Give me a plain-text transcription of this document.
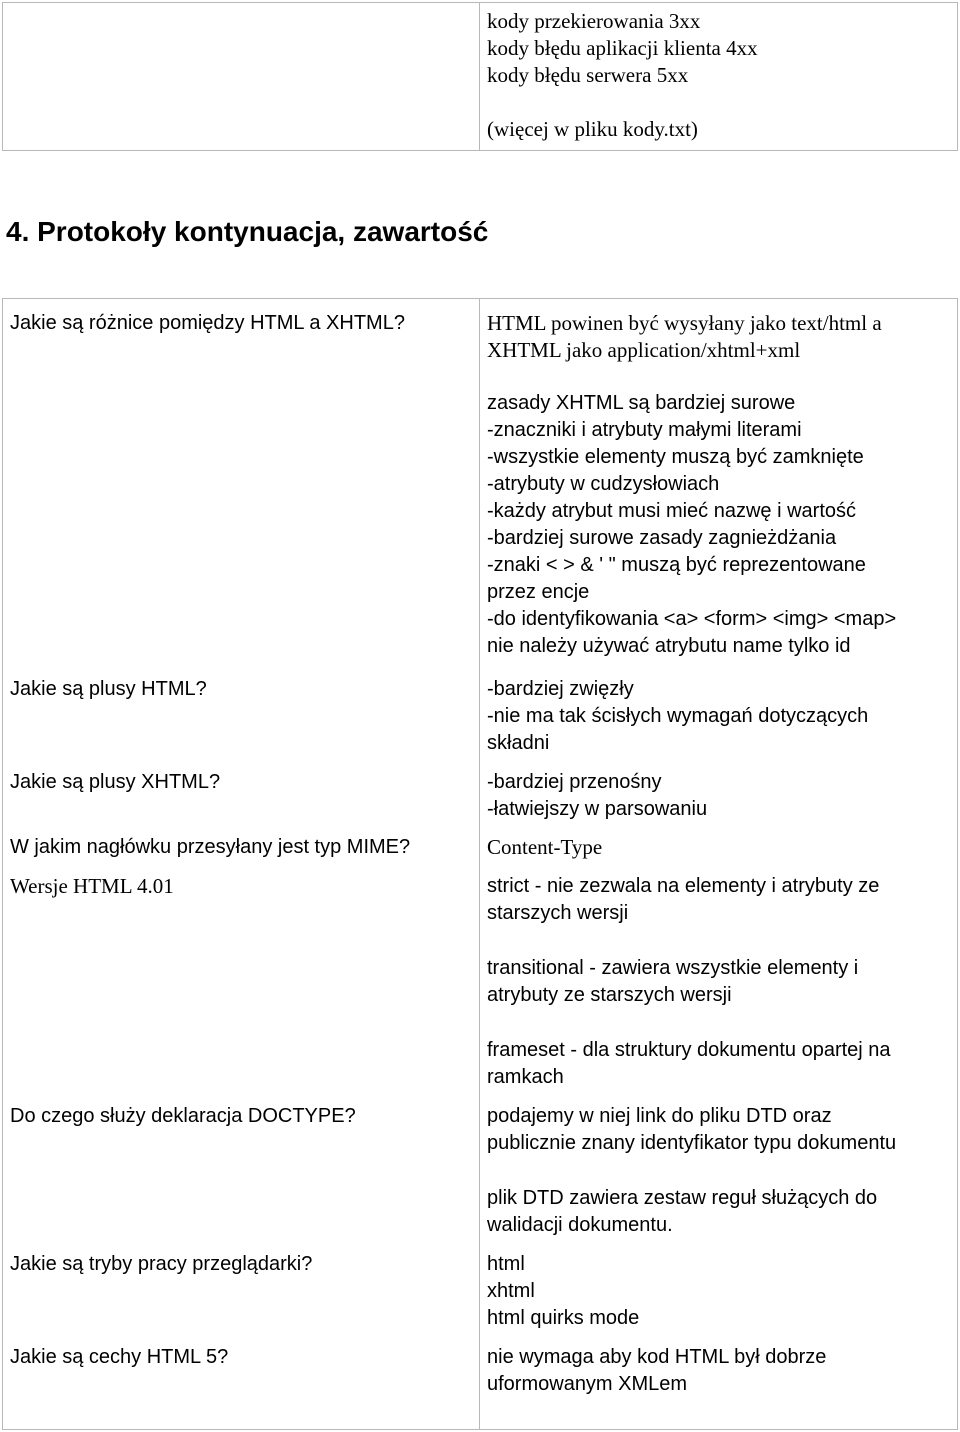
kody przekierowania 3xx
kody błędu aplikacji klienta 4xx
kody błędu serwera 5xx
(więcej w pliku kody.txt)
4. Protokoły kontynuacja, zawartość
Jakie są różnice pomiędzy HTML a XHTML?	HTML powinen być wysyłany jako text/html a
XHTML jako application/xhtml+xml
zasady XHTML są bardziej surowe
-znaczniki i atrybuty małymi literami
-wszystkie elementy muszą być zamknięte
-atrybuty w cudzysłowiach
-każdy atrybut musi mieć nazwę i wartość
-bardziej surowe zasady zagnieżdżania
-znaki < > & ' " muszą być reprezentowane
przez encje
-do identyfikowania <a> <form> <img> <map>
nie należy używać atrybutu name tylko id
Jakie są plusy HTML?	-bardziej zwięzły
-nie ma tak ścisłych wymagań dotyczących
składni
Jakie są plusy XHTML?	-bardziej przenośny
-łatwiejszy w parsowaniu
W jakim nagłówku przesyłany jest typ MIME?	Content-Type
Wersje HTML 4.01	strict - nie zezwala na elementy i atrybuty ze
starszych wersji
transitional - zawiera wszystkie elementy i
atrybuty ze starszych wersji
frameset - dla struktury dokumentu opartej na
ramkach
Do czego służy deklaracja DOCTYPE?	podajemy w niej link do pliku DTD oraz
publicznie znany identyfikator typu dokumentu
plik DTD zawiera zestaw reguł służących do
walidacji dokumentu.
Jakie są tryby pracy przeglądarki?	html
xhtml
html quirks mode
Jakie są cechy HTML 5?	nie wymaga aby kod HTML był dobrze
uformowanym XMLem
